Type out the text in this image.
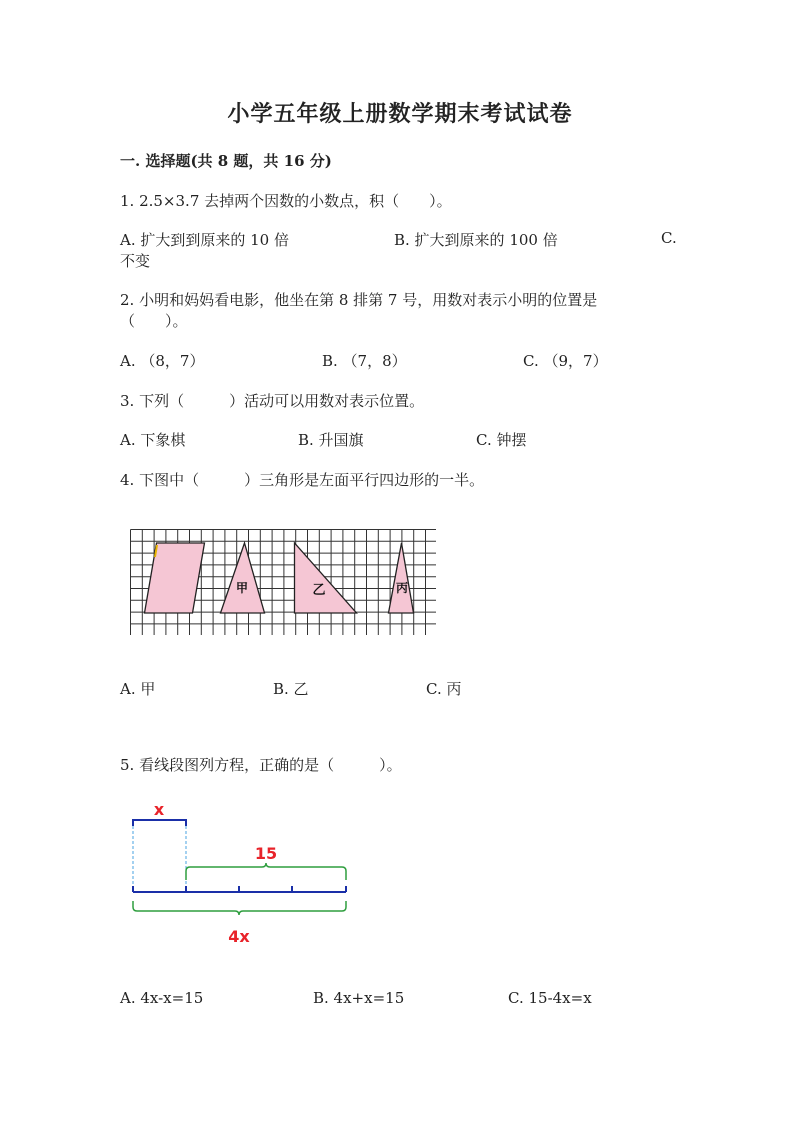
小学五年级上册数学期末考试试卷
一. 选择题(共 8 题，共 16 分)
1. 2.5×3.7 去掉两个因数的小数点，积（　　）。
A. 扩大到到原来的 10 倍	B. 扩大到原来的 100 倍	C.
不变
2. 小明和妈妈看电影，他坐在第 8 排第 7 号，用数对表示小明的位置是
（　　）。
A. （8，7）	B. （7，8）	C. （9，7）
3. 下列（　　　）活动可以用数对表示位置。
A. 下象棋	B. 升国旗	C. 钟摆
4. 下图中（　　　）三角形是左面平行四边形的一半。
甲	乙	丙
A. 甲	B. 乙	C. 丙
5. 看线段图列方程，正确的是（　　　）。
x
15
4x
A. 4x-x=15	B. 4x+x=15	C. 15-4x=x
